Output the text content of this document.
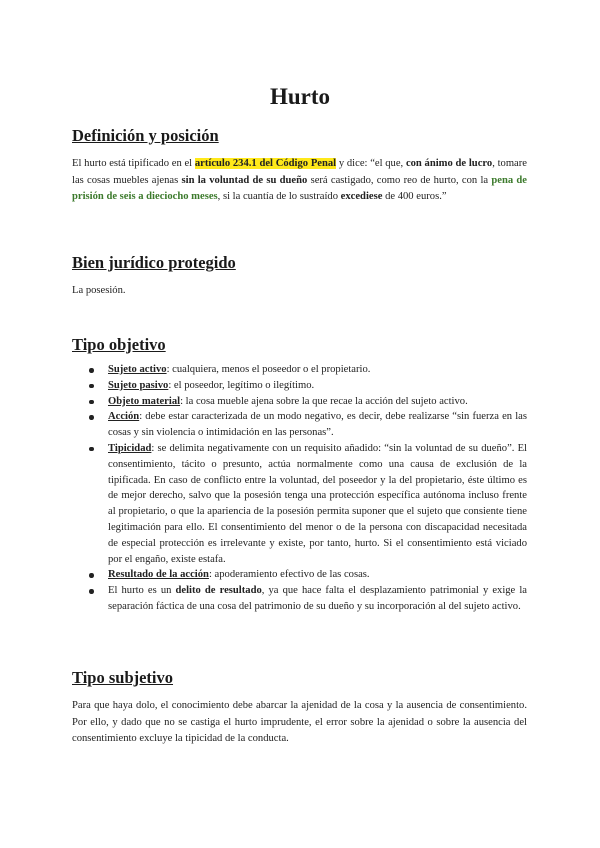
Hurto
Definición y posición

El hurto está tipificado en el artículo 234.1 del Código Penal y dice: “el que, con ánimo de lucro, tomare las cosas muebles ajenas sin la voluntad de su dueño será castigado, como reo de hurto, con la pena de prisión de seis a dieciocho meses, si la cuantía de lo sustraído excediese de 400 euros.”

Bien jurídico protegido

La posesión.

Tipo objetivo
Sujeto activo: cualquiera, menos el poseedor o el propietario.
Sujeto pasivo: el poseedor, legítimo o ilegítimo.
Objeto material: la cosa mueble ajena sobre la que recae la acción del sujeto activo.
Acción: debe estar caracterizada de un modo negativo, es decir, debe realizarse “sin fuerza en las cosas y sin violencia o intimidación en las personas”.
Tipicidad: se delimita negativamente con un requisito añadido: “sin la voluntad de su dueño”. El consentimiento, tácito o presunto, actúa normalmente como una causa de exclusión de la tipificada. En caso de conflicto entre la voluntad, del poseedor y la del propietario, éste último es de mejor derecho, salvo que la posesión tenga una protección específica autónoma incluso frente al propietario, o que la apariencia de la posesión permita suponer que el sujeto que consiente tiene legitimación para ello. El consentimiento del menor o de la persona con discapacidad necesitada de especial protección es irrelevante y existe, por tanto, hurto. Si el consentimiento está viciado por el engaño, existe estafa.
Resultado de la acción: apoderamiento efectivo de las cosas.
El hurto es un delito de resultado, ya que hace falta el desplazamiento patrimonial y exige la separación fáctica de una cosa del patrimonio de su dueño y su incorporación al del sujeto activo.
Tipo subjetivo

Para que haya dolo, el conocimiento debe abarcar la ajenidad de la cosa y la ausencia de consentimiento. Por ello, y dado que no se castiga el hurto imprudente, el error sobre la ajenidad o sobre la ausencia del consentimiento excluye la tipicidad de la conducta.
